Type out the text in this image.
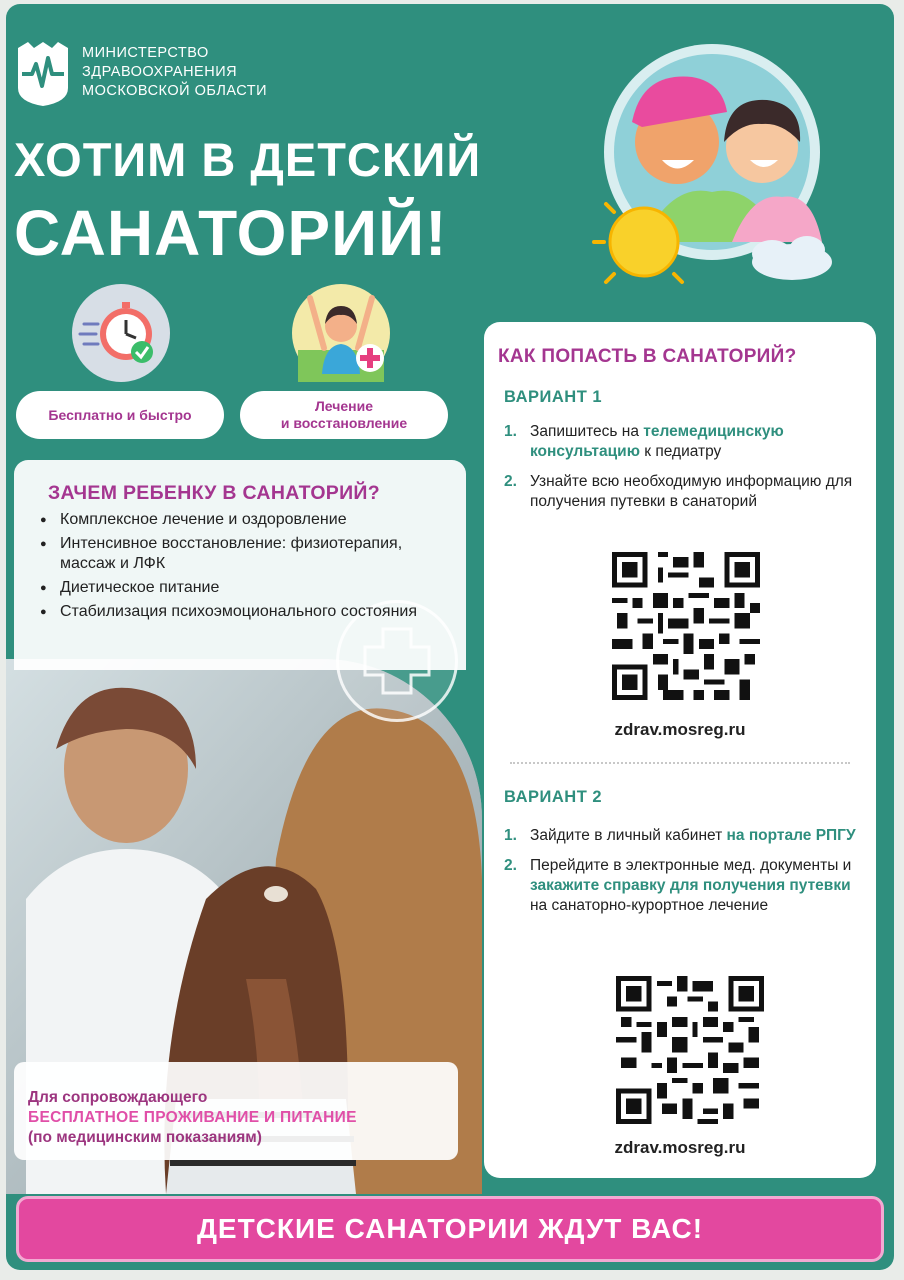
МИНИСТЕРСТВО
ЗДРАВООХРАНЕНИЯ
МОСКОВСКОЙ ОБЛАСТИ
ХОТИМ В ДЕТСКИЙ
САНАТОРИЙ!
Бесплатно и быстро
Лечение
и восстановление
ЗАЧЕМ РЕБЕНКУ В САНАТОРИЙ?
● Комплексное лечение и оздоровление
● Интенсивное восстановление: физиотерапия, массаж и ЛФК
● Диетическое питание
● Стабилизация психоэмоционального состояния
Для сопровождающего
БЕСПЛАТНОЕ ПРОЖИВАНИЕ И ПИТАНИЕ
(по медицинским показаниям)
КАК ПОПАСТЬ В САНАТОРИЙ?
ВАРИАНТ 1
1. Запишитесь на телемедицинскую консультацию к педиатру
2. Узнайте всю необходимую информацию для получения путевки в санаторий
zdrav.mosreg.ru
ВАРИАНТ 2
1. Зайдите в личный кабинет на портале РПГУ
2. Перейдите в электронные мед. документы и закажите справку для получения путевки на санаторно-курортное лечение
zdrav.mosreg.ru
ДЕТСКИЕ САНАТОРИИ ЖДУТ ВАС!
